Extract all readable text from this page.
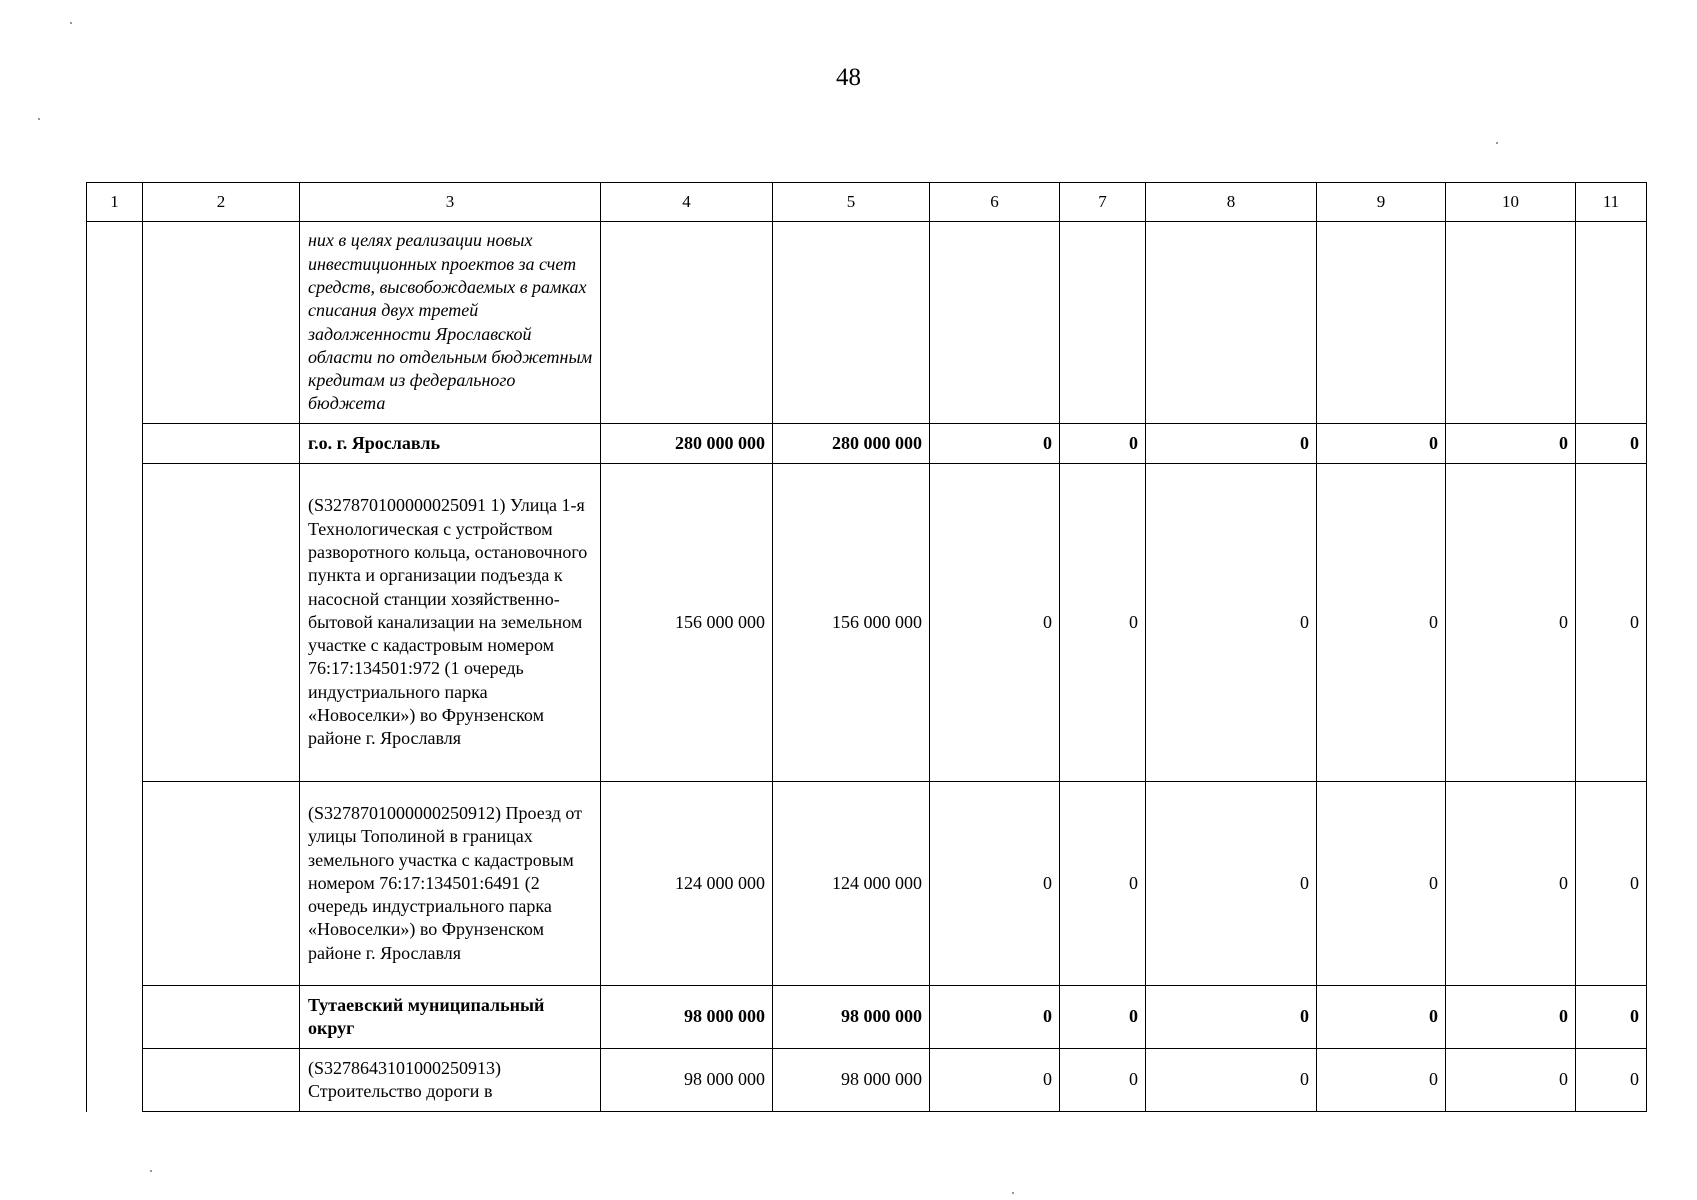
48
1	2	3	4	5	6	7	8	9	10	11
		них в целях реализации новых инвестиционных проектов за счет средств, высвобождаемых в рамках списания двух третей задолженности Ярославской области по отдельным бюджетным кредитам из федерального бюджета								
		г.о. г. Ярославль	280 000 000	280 000 000	0	0	0	0	0	0
		(S327870100000025091 1) Улица 1-я Технологическая с устройством разворотного кольца, остановочного пункта и организации подъезда к насосной станции хозяйственно-бытовой канализации на земельном участке с кадастровым номером 76:17:134501:972 (1 очередь индустриального парка «Новоселки») во Фрунзенском районе г. Ярославля	156 000 000	156 000 000	0	0	0	0	0	0
		(S3278701000000250912) Проезд от улицы Тополиной в границах земельного участка с кадастровым номером 76:17:134501:6491 (2 очередь индустриального парка «Новоселки») во Фрунзенском районе г. Ярославля	124 000 000	124 000 000	0	0	0	0	0	0
		Тутаевский муниципальный округ	98 000 000	98 000 000	0	0	0	0	0	0
		(S3278643101000250913) Строительство дороги в	98 000 000	98 000 000	0	0	0	0	0	0
